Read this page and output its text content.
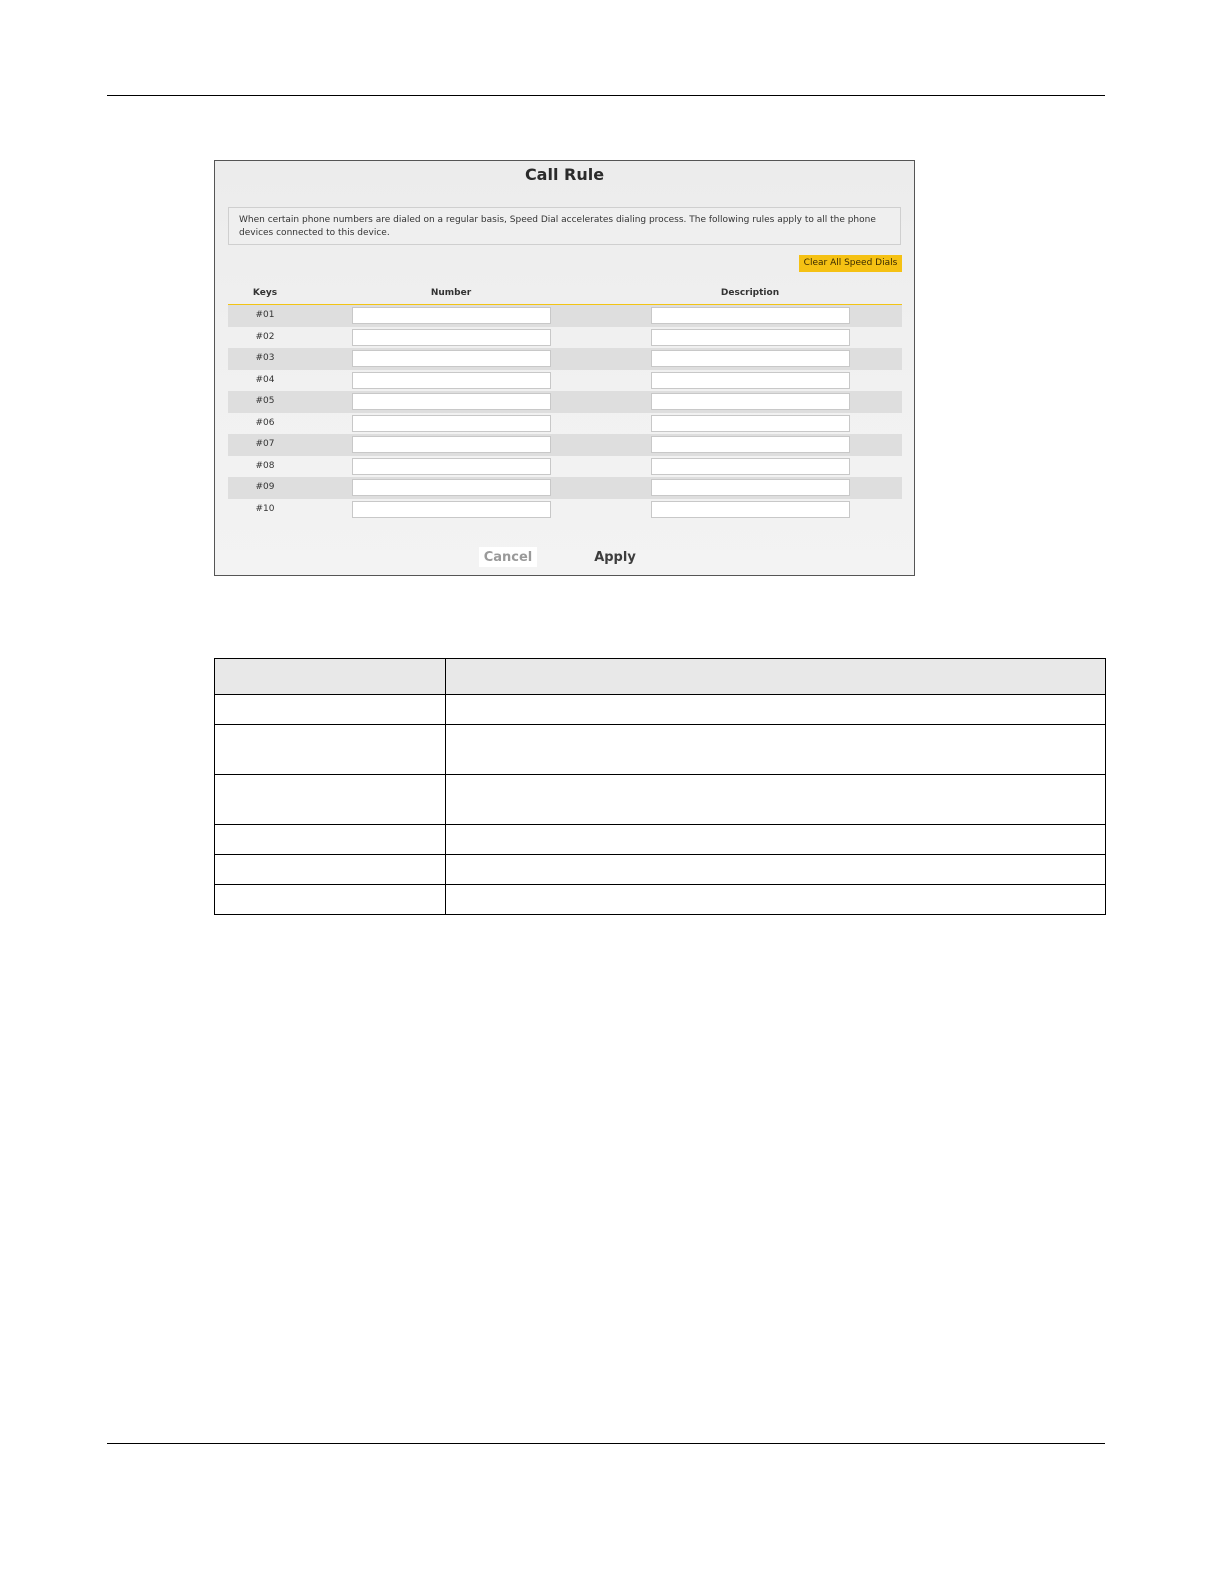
Call Rule
When certain phone numbers are dialed on a regular basis, Speed Dial accelerates dialing process. The following rules apply to all the phone devices connected to this device.
Clear All Speed Dials
Keys	Number	Description
#01
#02
#03
#04
#05
#06
#07
#08
#09
#10
Cancel	Apply
